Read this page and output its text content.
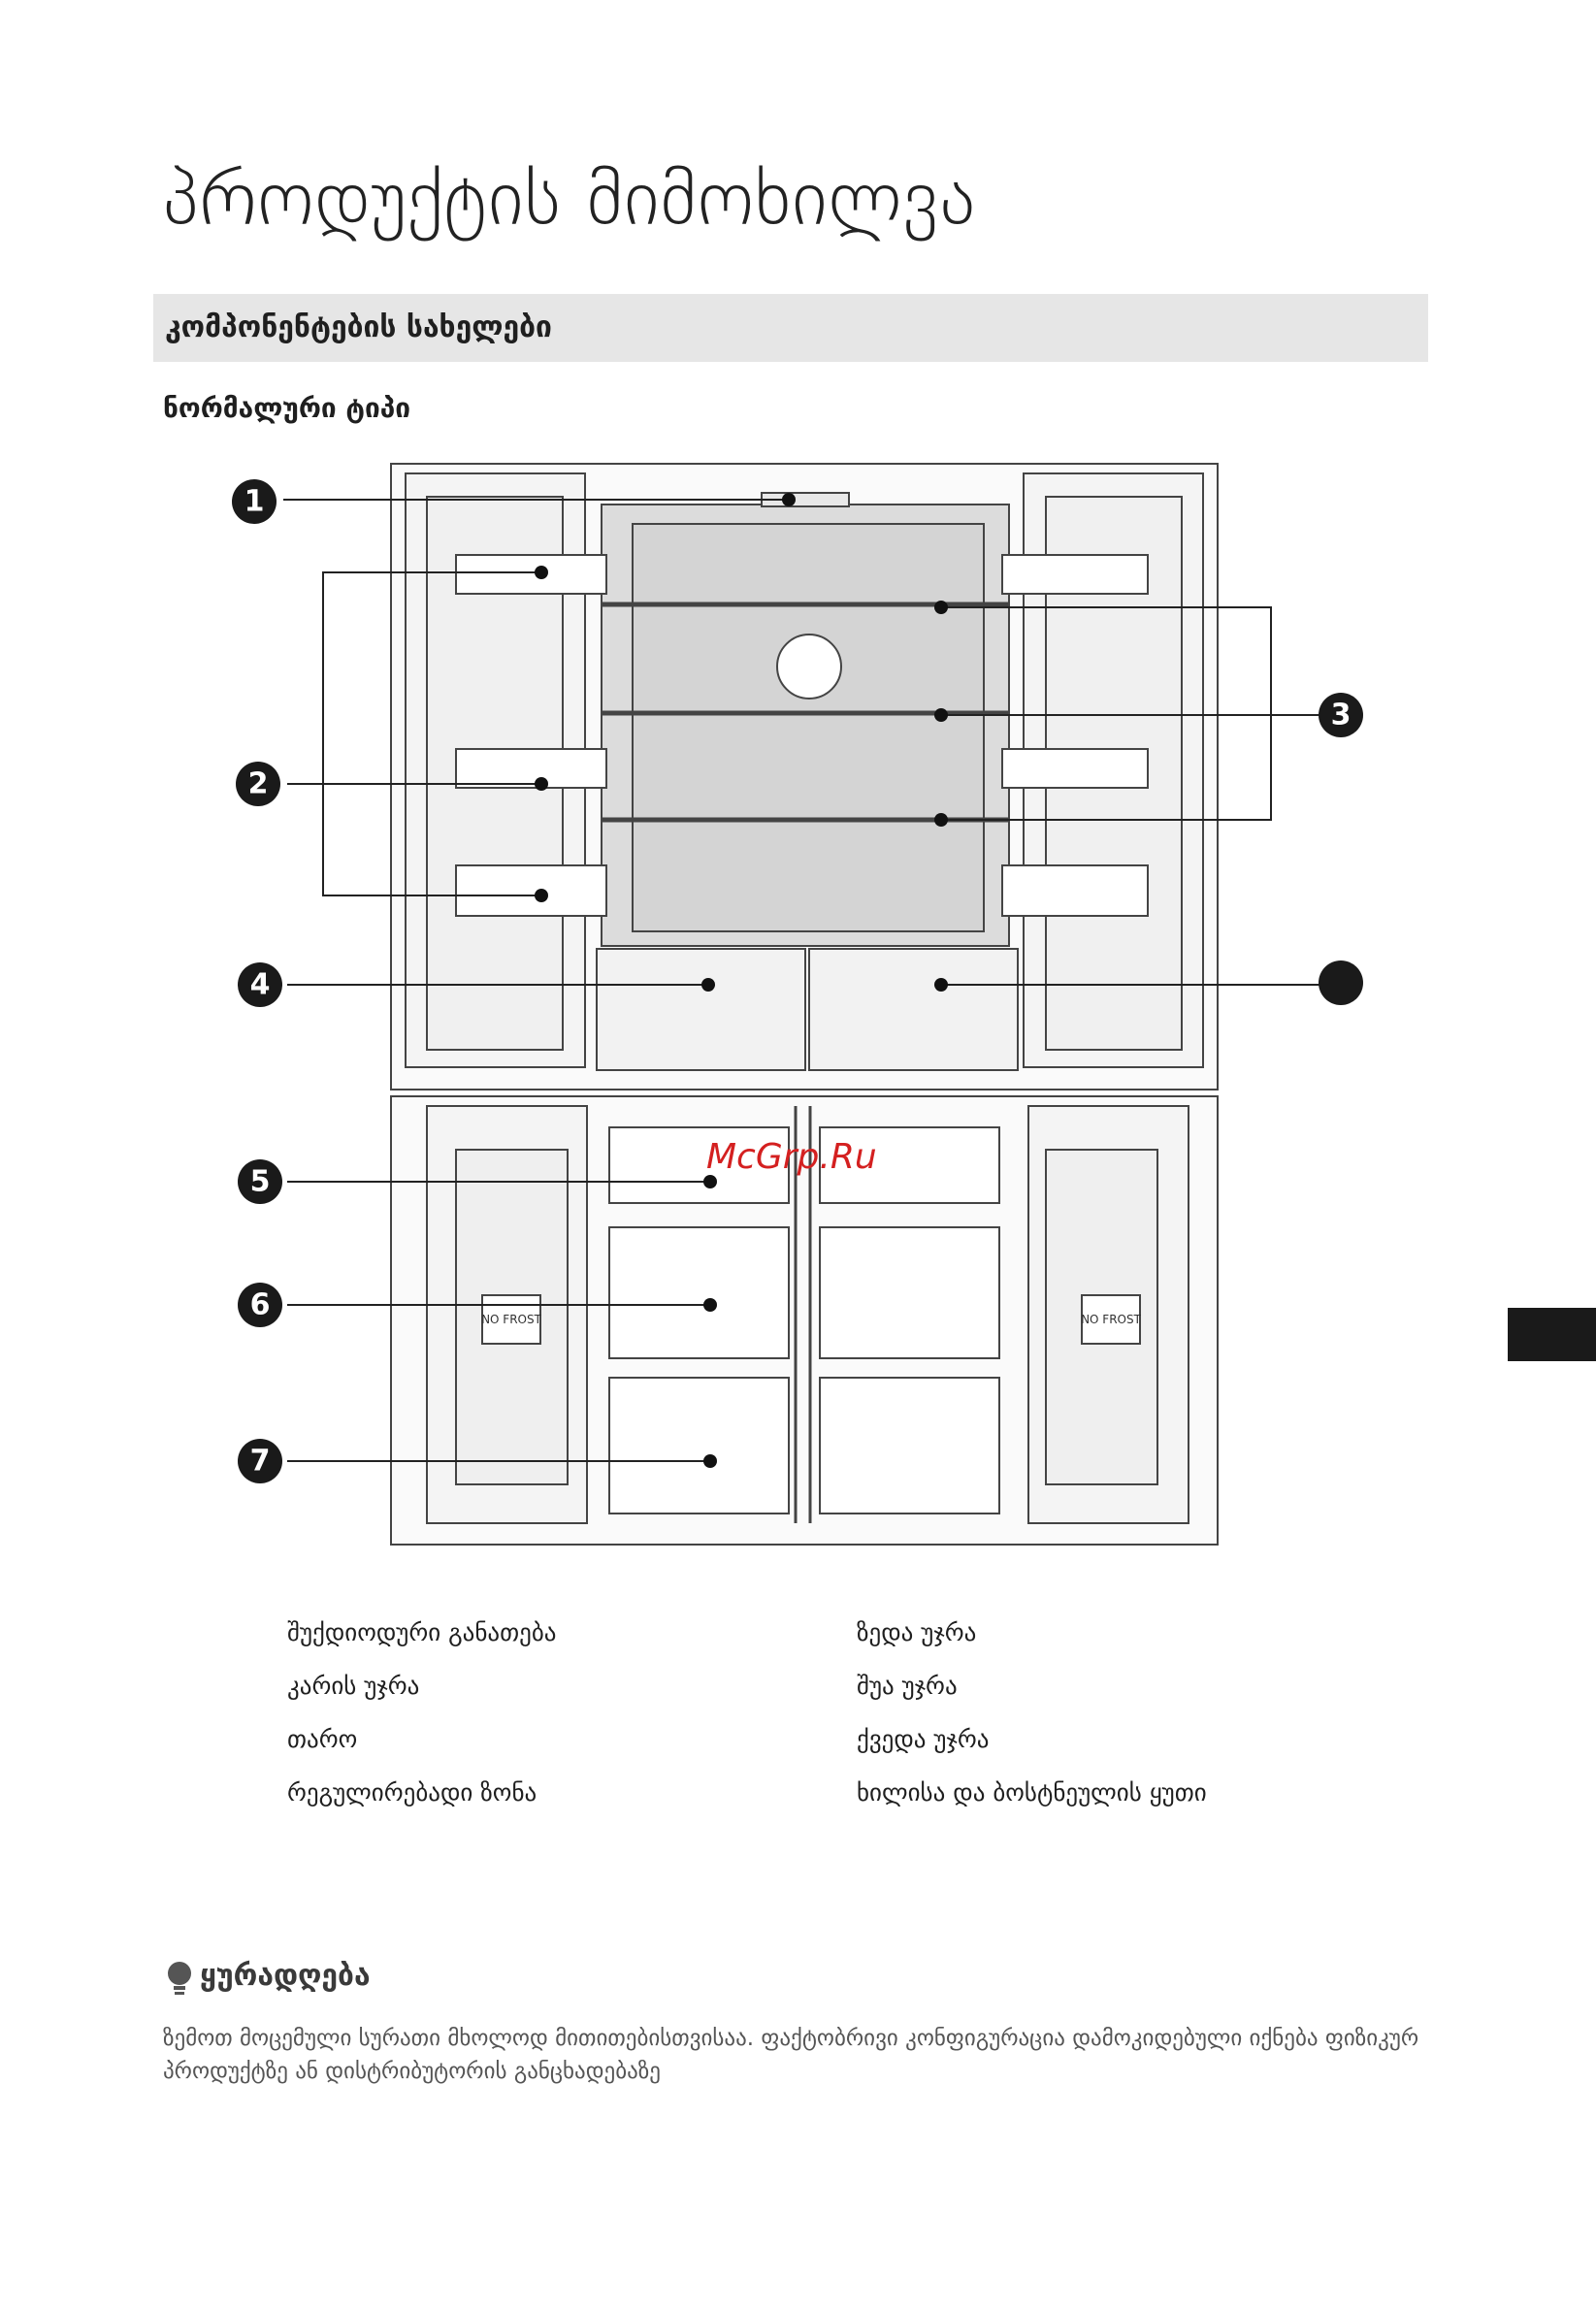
პროდუქტის მიმოხილვა
კომპონენტების სახელები
ნორმალური ტიპი
NO FROST	NO FROST
1
2
3
4
5
6
7
McGrp.Ru
შუქდიოდური განათება
კარის უჯრა
თარო
რეგულირებადი ზონა
ზედა უჯრა
შუა უჯრა
ქვედა უჯრა
ხილისა და ბოსტნეულის ყუთი
ყურადღება
ზემოთ მოცემული სურათი მხოლოდ მითითებისთვისაა. ფაქტობრივი კონფიგურაცია დამოკიდებული იქნება ფიზიკურ პროდუქტზე ან დისტრიბუტორის განცხადებაზე
